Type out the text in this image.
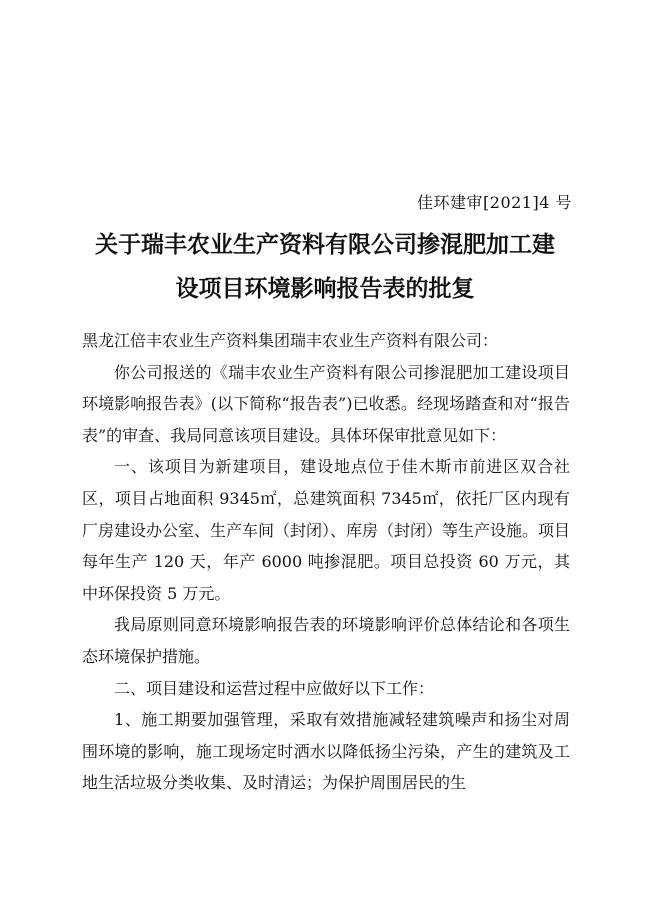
佳环建审[2021]4 号
关于瑞丰农业生产资料有限公司掺混肥加工建
设项目环境影响报告表的批复

黑龙江倍丰农业生产资料集团瑞丰农业生产资料有限公司：

你公司报送的《瑞丰农业生产资料有限公司掺混肥加工建设项目环境影响报告表》(以下简称“报告表”)已收悉。经现场踏查和对“报告表”的审查、我局同意该项目建设。具体环保审批意见如下：

一、该项目为新建项目，建设地点位于佳木斯市前进区双合社区，项目占地面积 9345㎡，总建筑面积 7345㎡，依托厂区内现有厂房建设办公室、生产车间（封闭）、库房（封闭）等生产设施。项目每年生产 120 天，年产 6000 吨掺混肥。项目总投资 60 万元，其中环保投资 5 万元。

我局原则同意环境影响报告表的环境影响评价总体结论和各项生态环境保护措施。

二、项目建设和运营过程中应做好以下工作：

1、施工期要加强管理，采取有效措施减轻建筑噪声和扬尘对周围环境的影响，施工现场定时洒水以降低扬尘污染，产生的建筑及工地生活垃圾分类收集、及时清运；为保护周围居民的生
